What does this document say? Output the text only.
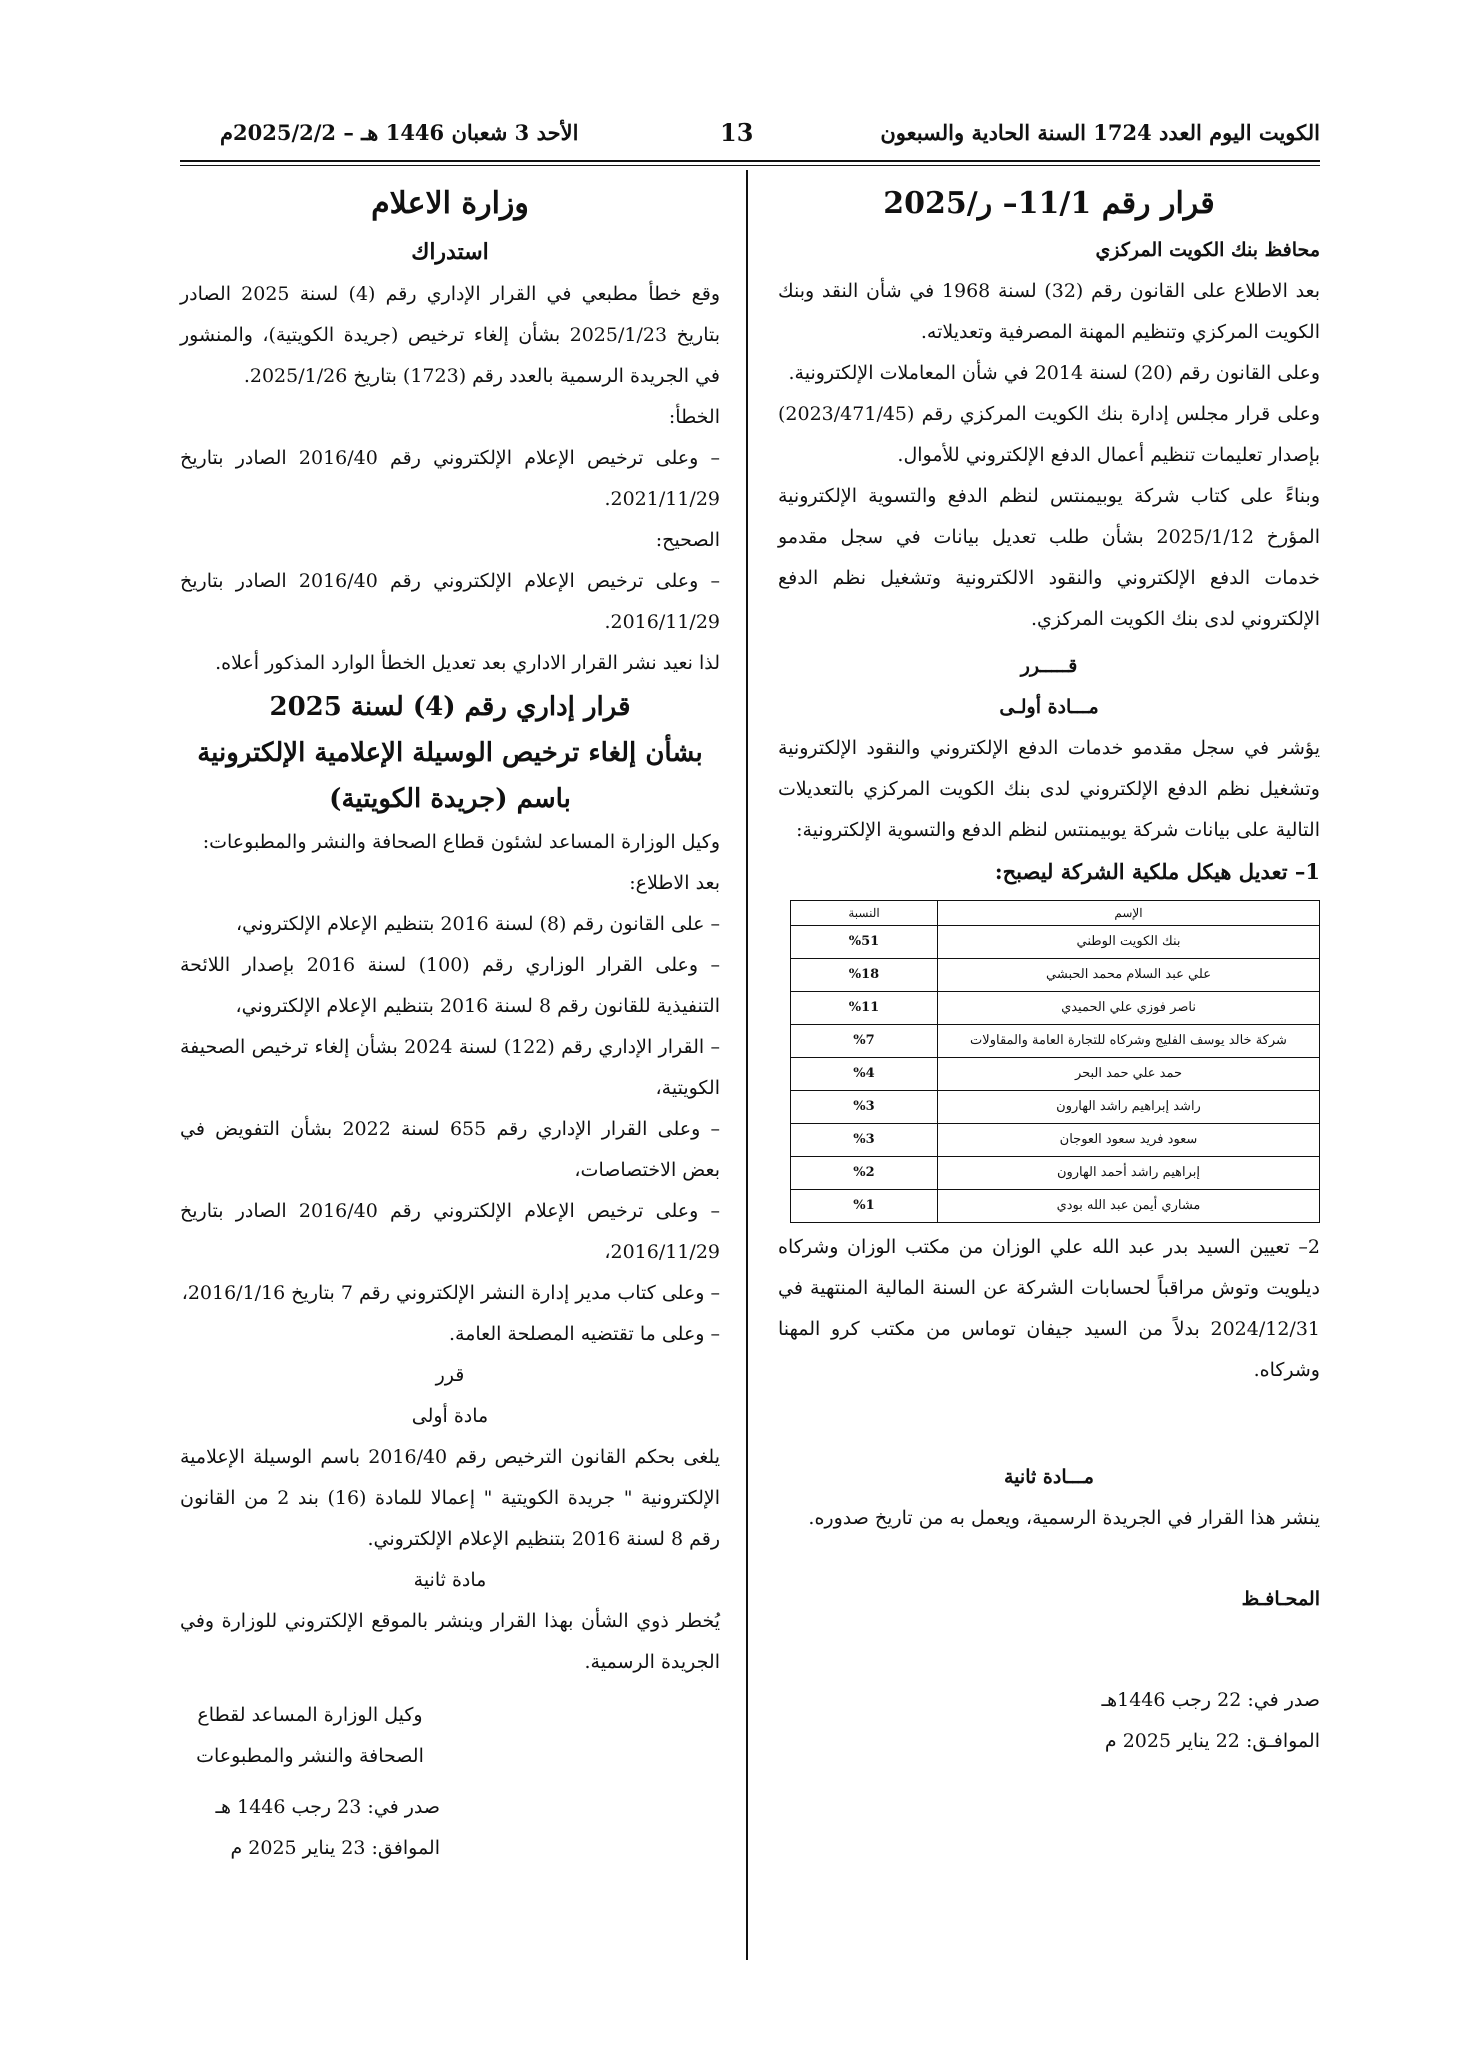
الكويت اليوم العدد 1724 السنة الحادية والسبعون
13
الأحد 3 شعبان 1446 هـ – 2025/2/2م

قرار رقم 11/1– ر/2025

محافظ بنك الكويت المركزي

بعد الاطلاع على القانون رقم (32) لسنة 1968 في شأن النقد وبنك الكويت المركزي وتنظيم المهنة المصرفية وتعديلاته.

وعلى القانون رقم (20) لسنة 2014 في شأن المعاملات الإلكترونية.

وعلى قرار مجلس إدارة بنك الكويت المركزي رقم (2023/471/45) بإصدار تعليمات تنظيم أعمال الدفع الإلكتروني للأموال.

وبناءً على كتاب شركة يوبيمنتس لنظم الدفع والتسوية الإلكترونية المؤرخ 2025/1/12 بشأن طلب تعديل بيانات في سجل مقدمو خدمات الدفع الإلكتروني والنقود الالكترونية وتشغيل نظم الدفع الإلكتروني لدى بنك الكويت المركزي.

قـــــرر

مـــادة أولـى

يؤشر في سجل مقدمو خدمات الدفع الإلكتروني والنقود الإلكترونية وتشغيل نظم الدفع الإلكتروني لدى بنك الكويت المركزي بالتعديلات التالية على بيانات شركة يوبيمنتس لنظم الدفع والتسوية الإلكترونية:

1– تعديل هيكل ملكية الشركة ليصبح:

الإسم	النسبة
بنك الكويت الوطني	%51
علي عبد السلام محمد الحبشي	%18
ناصر فوزي علي الحميدي	%11
شركة خالد يوسف الفليج وشركاه للتجارة العامة والمقاولات	%7
حمد علي حمد البحر	%4
راشد إبراهيم راشد الهارون	%3
سعود فريد سعود العوجان	%3
إبراهيم راشد أحمد الهارون	%2
مشاري أيمن عبد الله بودي	%1

2– تعيين السيد بدر عبد الله علي الوزان من مكتب الوزان وشركاه ديلويت وتوش مراقباً لحسابات الشركة عن السنة المالية المنتهية في 2024/12/31 بدلاً من السيد جيفان توماس من مكتب كرو المهنا وشركاه.

مـــادة ثانية

ينشر هذا القرار في الجريدة الرسمية، ويعمل به من تاريخ صدوره.

المحـافـظ

صدر في: 22 رجب 1446هـ

الموافـق: 22 يناير 2025 م

وزارة الاعلام

استدراك

وقع خطأ مطبعي في القرار الإداري رقم (4) لسنة 2025 الصادر بتاريخ 2025/1/23 بشأن إلغاء ترخيص (جريدة الكويتية)، والمنشور في الجريدة الرسمية بالعدد رقم (1723) بتاريخ 2025/1/26.

الخطأ:

– وعلى ترخيص الإعلام الإلكتروني رقم 2016/40 الصادر بتاريخ 2021/11/29.

الصحيح:

– وعلى ترخيص الإعلام الإلكتروني رقم 2016/40 الصادر بتاريخ 2016/11/29.

لذا نعيد نشر القرار الاداري بعد تعديل الخطأ الوارد المذكور أعلاه.

قرار إداري رقم (4) لسنة 2025

بشأن إلغاء ترخيص الوسيلة الإعلامية الإلكترونية

باسم (جريدة الكويتية)

وكيل الوزارة المساعد لشئون قطاع الصحافة والنشر والمطبوعات:

بعد الاطلاع:

– على القانون رقم (8) لسنة 2016 بتنظيم الإعلام الإلكتروني،

– وعلى القرار الوزاري رقم (100) لسنة 2016 بإصدار اللائحة التنفيذية للقانون رقم 8 لسنة 2016 بتنظيم الإعلام الإلكتروني،

– القرار الإداري رقم (122) لسنة 2024 بشأن إلغاء ترخيص الصحيفة الكويتية،

– وعلى القرار الإداري رقم 655 لسنة 2022 بشأن التفويض في بعض الاختصاصات،

– وعلى ترخيص الإعلام الإلكتروني رقم 2016/40 الصادر بتاريخ 2016/11/29،

– وعلى كتاب مدير إدارة النشر الإلكتروني رقم 7 بتاريخ 2016/1/16،

– وعلى ما تقتضيه المصلحة العامة.

قرر

مادة أولى

يلغى بحكم القانون الترخيص رقم 2016/40 باسم الوسيلة الإعلامية الإلكترونية " جريدة الكويتية " إعمالا للمادة (16) بند 2 من القانون رقم 8 لسنة 2016 بتنظيم الإعلام الإلكتروني.

مادة ثانية

يُخطر ذوي الشأن بهذا القرار وينشر بالموقع الإلكتروني للوزارة وفي الجريدة الرسمية.

وكيل الوزارة المساعد لقطاع

الصحافة والنشر والمطبوعات

صدر في: 23 رجب 1446 هـ

الموافق: 23 يناير 2025 م
